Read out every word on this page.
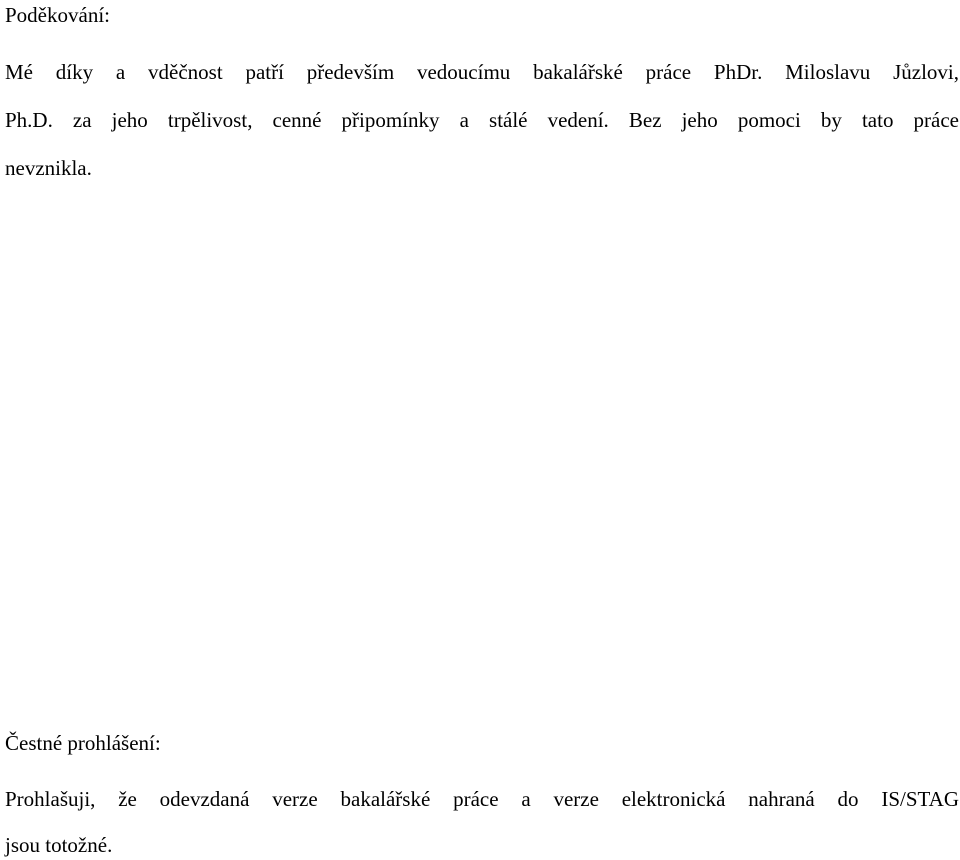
Poděkování:
Mé díky a vděčnost patří především vedoucímu bakalářské práce PhDr. Miloslavu Jůzlovi,
Ph.D. za jeho trpělivost, cenné připomínky a stálé vedení. Bez jeho pomoci by tato práce
nevznikla.
Čestné prohlášení:
Prohlašuji, že odevzdaná verze bakalářské práce a verze elektronická nahraná do IS/STAG
jsou totožné.
